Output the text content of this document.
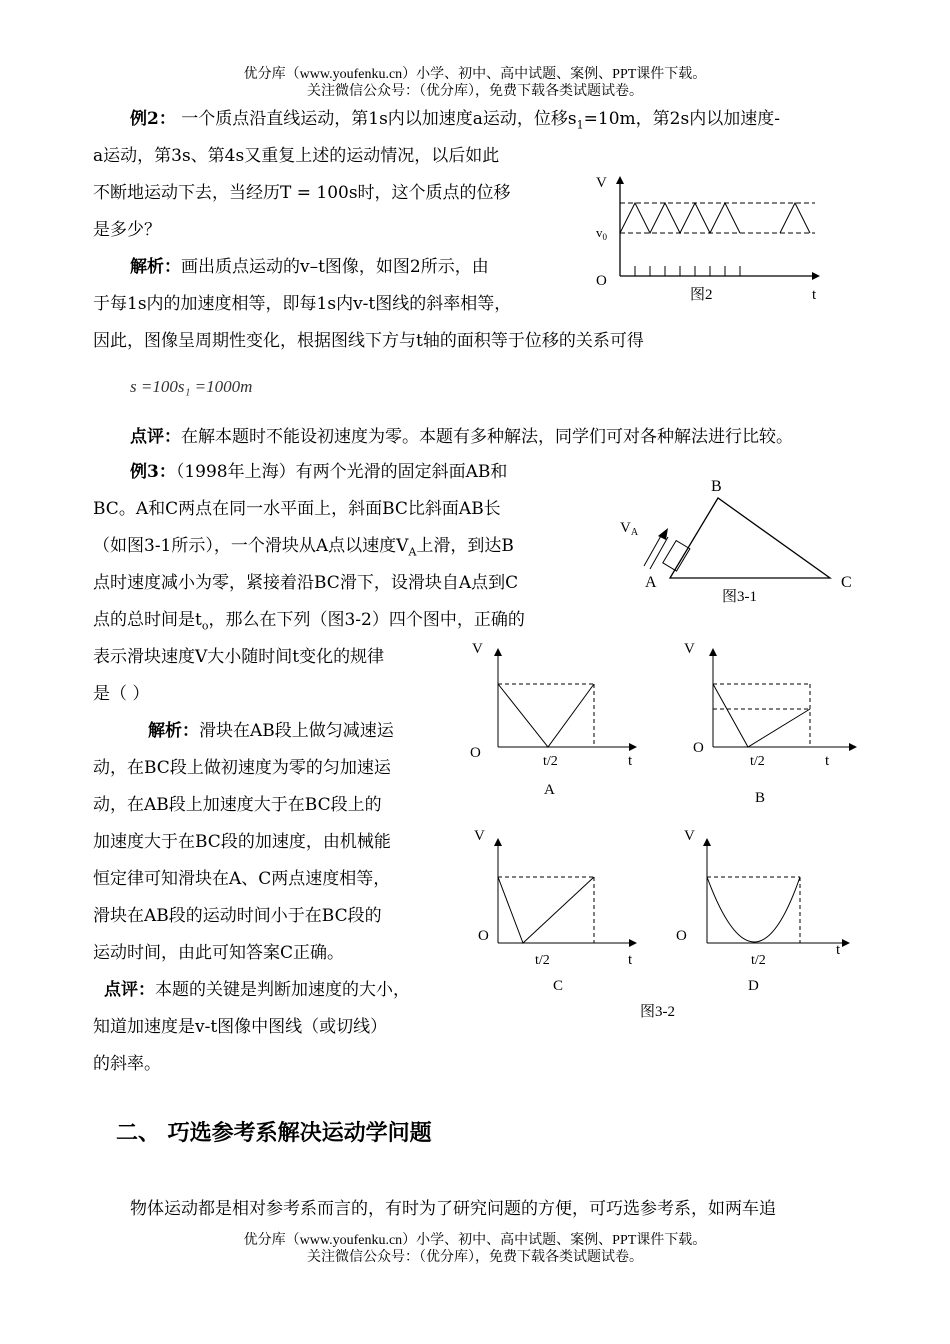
优分库（www.youfenku.cn）小学、初中、高中试题、案例、PPT课件下载。
关注微信公众号：（优分库），免费下载各类试题试卷。
例2： 一个质点沿直线运动，第1s内以加速度a运动，位移$s_1=10m$，第2s内以加速度-
a运动，第3s、第4s又重复上述的运动情况，以后如此
不断地运动下去，当经历T = 100s时，这个质点的位移
是多少？
解析：画出质点运动的v–t图像，如图2所示，由
于每1s内的加速度相等，即每1s内v-t图线的斜率相等，
因此，图像呈周期性变化，根据图线下方与t轴的面积等于位移的关系可得
s =100s₁ =1000m
点评：在解本题时不能设初速度为零。本题有多种解法，同学们可对各种解法进行比较。
V
$v_0$
O
t
图2
例3：（1998年上海）有两个光滑的固定斜面AB和
BC。A和C两点在同一水平面上，斜面BC比斜面AB长
（如图3-1所示），一个滑块从A点以速度$V_A$上滑，到达B
点时速度减小为零，紧接着沿BC滑下，设滑块自A点到C
点的总时间是$t_o$，那么在下列（图3-2）四个图中，正确的
表示滑块速度V大小随时间t变化的规律
是（ ）
解析：滑块在AB段上做匀减速运
动，在BC段上做初速度为零的匀加速运
动，在AB段上加速度大于在BC段上的
加速度大于在BC段的加速度，由机械能
恒定律可知滑块在A、C两点速度相等，
滑块在AB段的运动时间小于在BC段的
运动时间，由此可知答案C正确。
点评：本题的关键是判断加速度的大小，
知道加速度是v-t图像中图线（或切线）
的斜率。
B
A	C
$V_A$
图3-1
V
O
t/2	t
A
V
O
t/2	t
B
V
O
t/2	t
C
V
O
t/2
t
D
图3-2
二、 巧选参考系解决运动学问题
物体运动都是相对参考系而言的，有时为了研究问题的方便，可巧选参考系，如两车追
优分库（www.youfenku.cn）小学、初中、高中试题、案例、PPT课件下载。
关注微信公众号：（优分库），免费下载各类试题试卷。
